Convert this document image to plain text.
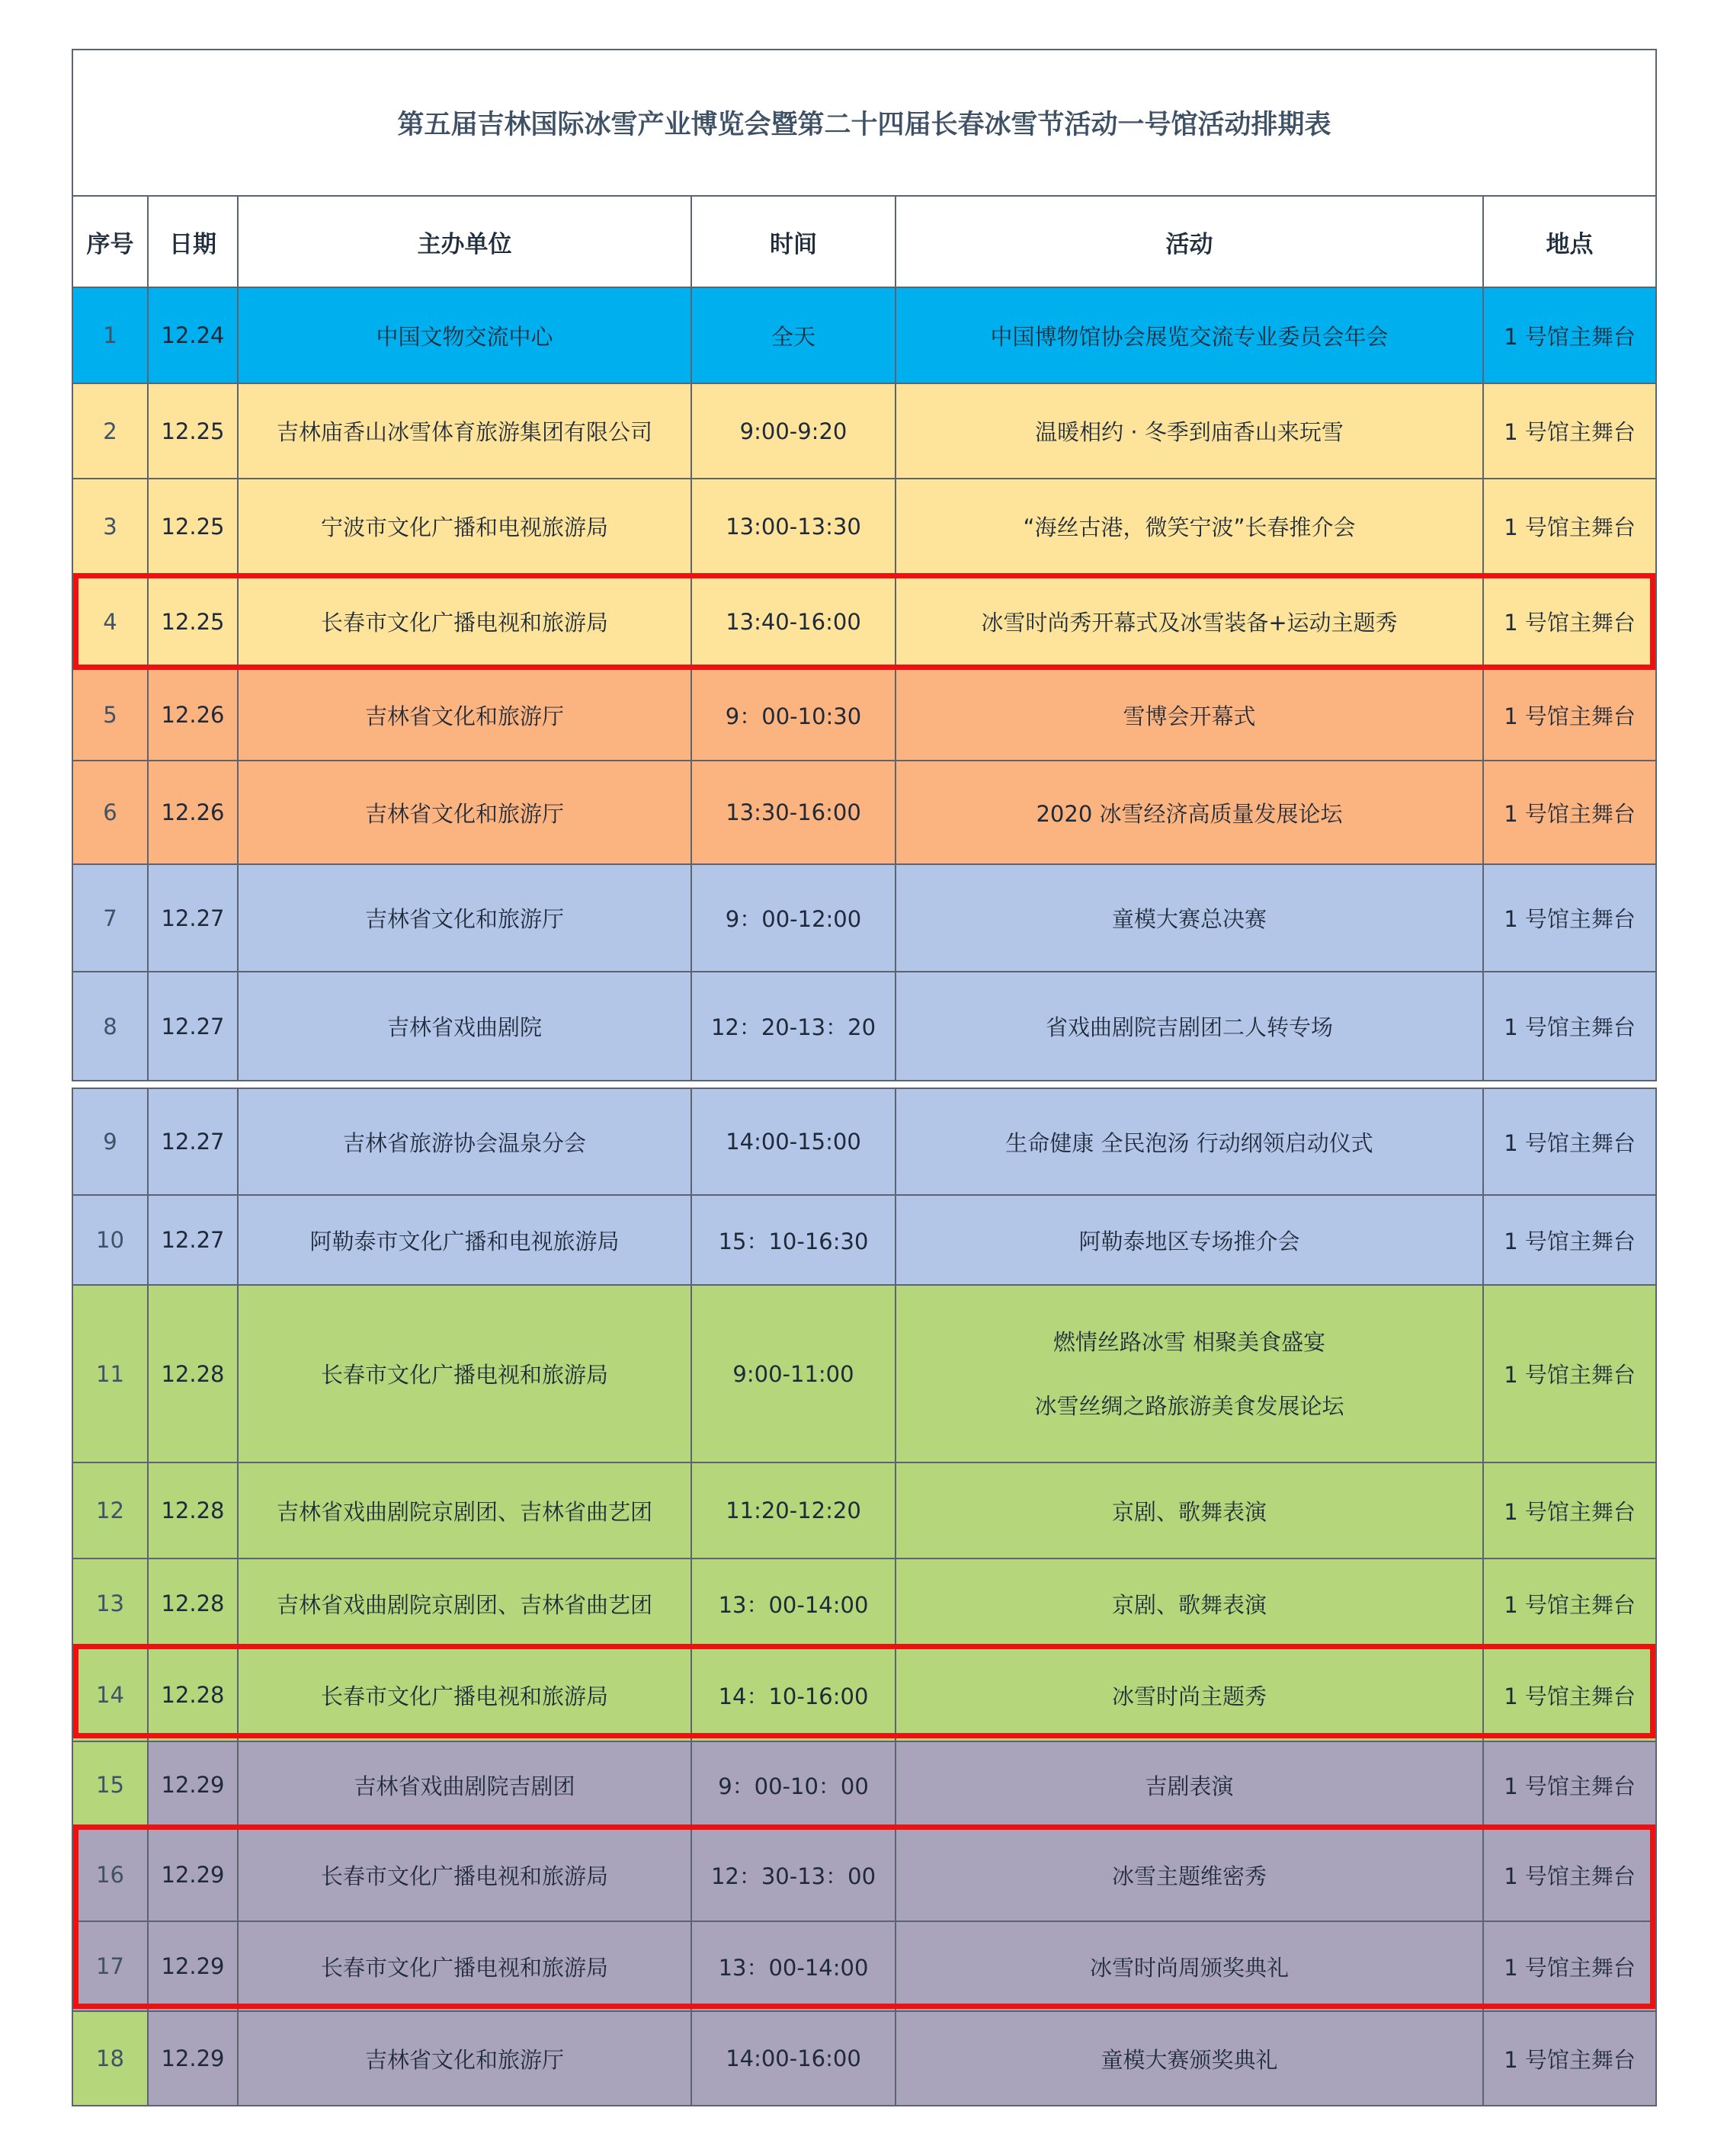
第五届吉林国际冰雪产业博览会暨第二十四届长春冰雪节活动一号馆活动排期表					
序号	日期	主办单位	时间	活动	地点
1	12.24	中国文物交流中心	全天	中国博物馆协会展览交流专业委员会年会	1 号馆主舞台
2	12.25	吉林庙香山冰雪体育旅游集团有限公司	9:00-9:20	温暖相约 · 冬季到庙香山来玩雪	1 号馆主舞台
3	12.25	宁波市文化广播和电视旅游局	13:00-13:30	“海丝古港，微笑宁波”长春推介会	1 号馆主舞台
4	12.25	长春市文化广播电视和旅游局	13:40-16:00	冰雪时尚秀开幕式及冰雪装备+运动主题秀	1 号馆主舞台
5	12.26	吉林省文化和旅游厅	9：00-10:30	雪博会开幕式	1 号馆主舞台
6	12.26	吉林省文化和旅游厅	13:30-16:00	2020 冰雪经济高质量发展论坛	1 号馆主舞台
7	12.27	吉林省文化和旅游厅	9：00-12:00	童模大赛总决赛	1 号馆主舞台
8	12.27	吉林省戏曲剧院	12：20-13：20	省戏曲剧院吉剧团二人转专场	1 号馆主舞台

9	12.27	吉林省旅游协会温泉分会	14:00-15:00	生命健康 全民泡汤 行动纲领启动仪式	1 号馆主舞台
10	12.27	阿勒泰市文化广播和电视旅游局	15：10-16:30	阿勒泰地区专场推介会	1 号馆主舞台
11	12.28	长春市文化广播电视和旅游局	9:00-11:00	燃情丝路冰雪 相聚美食盛宴
冰雪丝绸之路旅游美食发展论坛	1 号馆主舞台
12	12.28	吉林省戏曲剧院京剧团、吉林省曲艺团	11:20-12:20	京剧、歌舞表演	1 号馆主舞台
13	12.28	吉林省戏曲剧院京剧团、吉林省曲艺团	13：00-14:00	京剧、歌舞表演	1 号馆主舞台
14	12.28	长春市文化广播电视和旅游局	14：10-16:00	冰雪时尚主题秀	1 号馆主舞台
15	12.29	吉林省戏曲剧院吉剧团	9：00-10：00	吉剧表演	1 号馆主舞台
16	12.29	长春市文化广播电视和旅游局	12：30-13：00	冰雪主题维密秀	1 号馆主舞台
17	12.29	长春市文化广播电视和旅游局	13：00-14:00	冰雪时尚周颁奖典礼	1 号馆主舞台
18	12.29	吉林省文化和旅游厅	14:00-16:00	童模大赛颁奖典礼	1 号馆主舞台
